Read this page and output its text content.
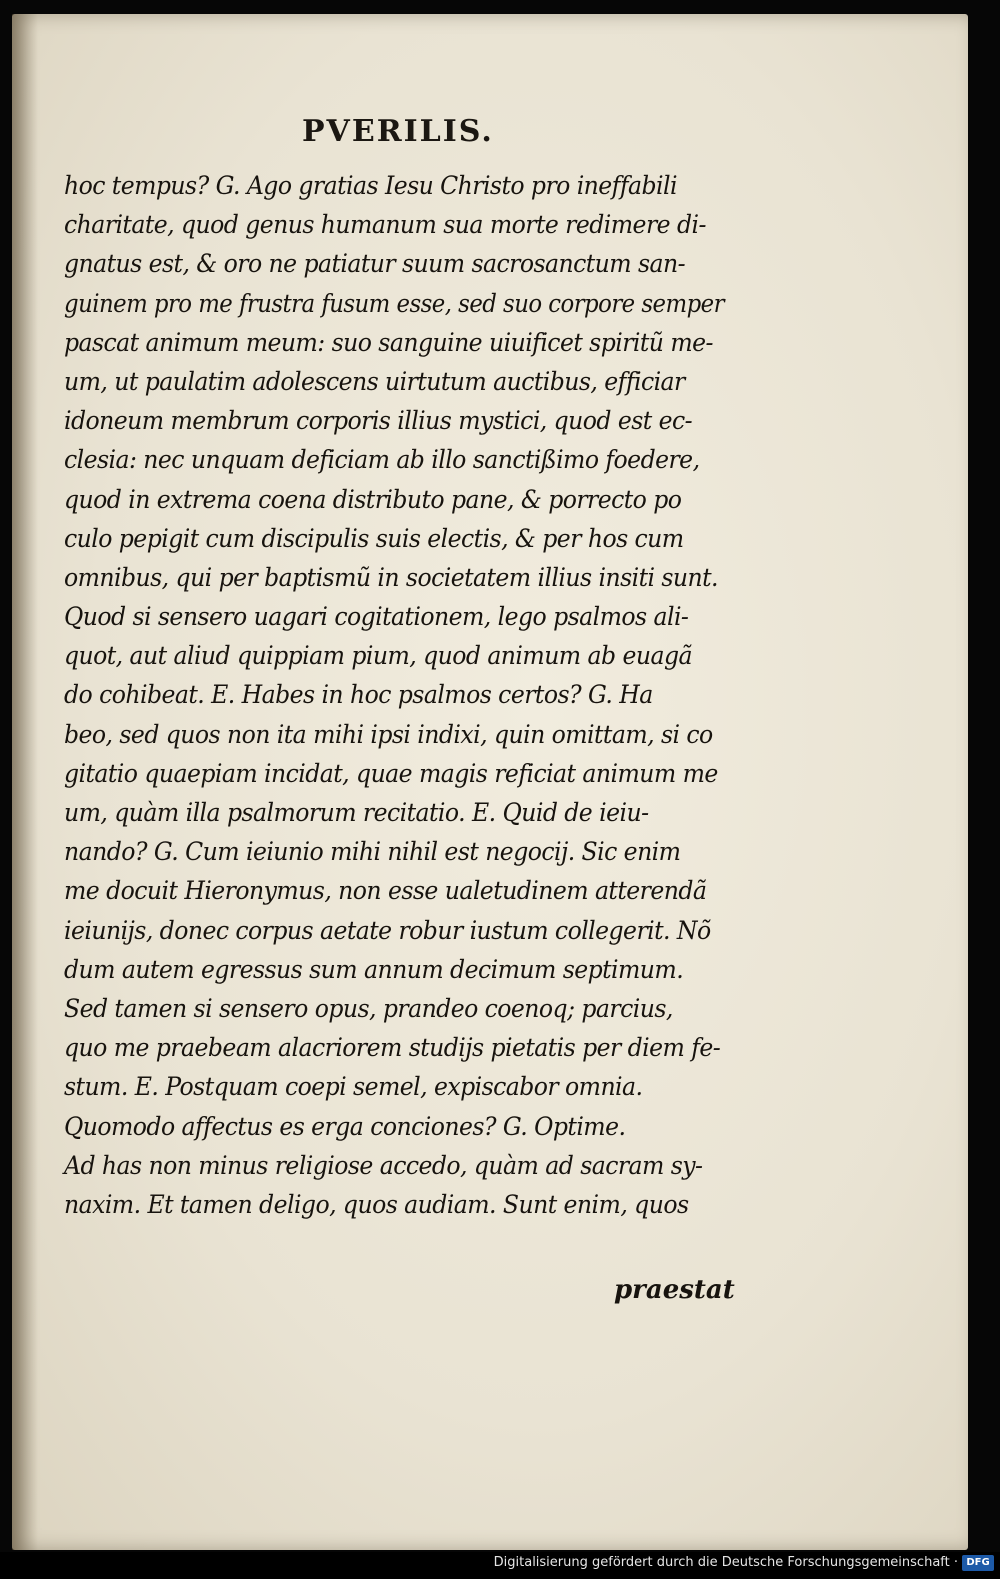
PVERILIS.
hoc tempus? G. Ago gratias Iesu Christo pro ineffabili
charitate, quod genus humanum sua morte redimere di-
gnatus est, & oro ne patiatur suum sacrosanctum san-
guinem pro me frustra fusum esse, sed suo corpore semper
pascat animum meum: suo sanguine uiuificet spiritũ me-
um, ut paulatim adolescens uirtutum auctibus, efficiar
idoneum membrum corporis illius mystici, quod est ec-
clesia: nec unquam deficiam ab illo sanctißimo foedere,
quod in extrema coena distributo pane, & porrecto po
culo pepigit cum discipulis suis electis, & per hos cum
omnibus, qui per baptismũ in societatem illius insiti sunt.
Quod si sensero uagari cogitationem, lego psalmos ali-
quot, aut aliud quippiam pium, quod animum ab euagã
do cohibeat. E. Habes in hoc psalmos certos? G. Ha
beo, sed quos non ita mihi ipsi indixi, quin omittam, si co
gitatio quaepiam incidat, quae magis reficiat animum me
um, quàm illa psalmorum recitatio. E. Quid de ieiu-
nando? G. Cum ieiunio mihi nihil est negocij. Sic enim
me docuit Hieronymus, non esse ualetudinem atterendã
ieiunijs, donec corpus aetate robur iustum collegerit. Nõ
dum autem egressus sum annum decimum septimum.
Sed tamen si sensero opus, prandeo coenoq; parcius,
quo me praebeam alacriorem studijs pietatis per diem fe-
stum. E. Postquam coepi semel, expiscabor omnia.
Quomodo affectus es erga conciones? G. Optime.
Ad has non minus religiose accedo, quàm ad sacram sy-
naxim. Et tamen deligo, quos audiam. Sunt enim, quos
praestat
Digitalisierung gefördert durch die Deutsche Forschungsgemeinschaft · DFG
